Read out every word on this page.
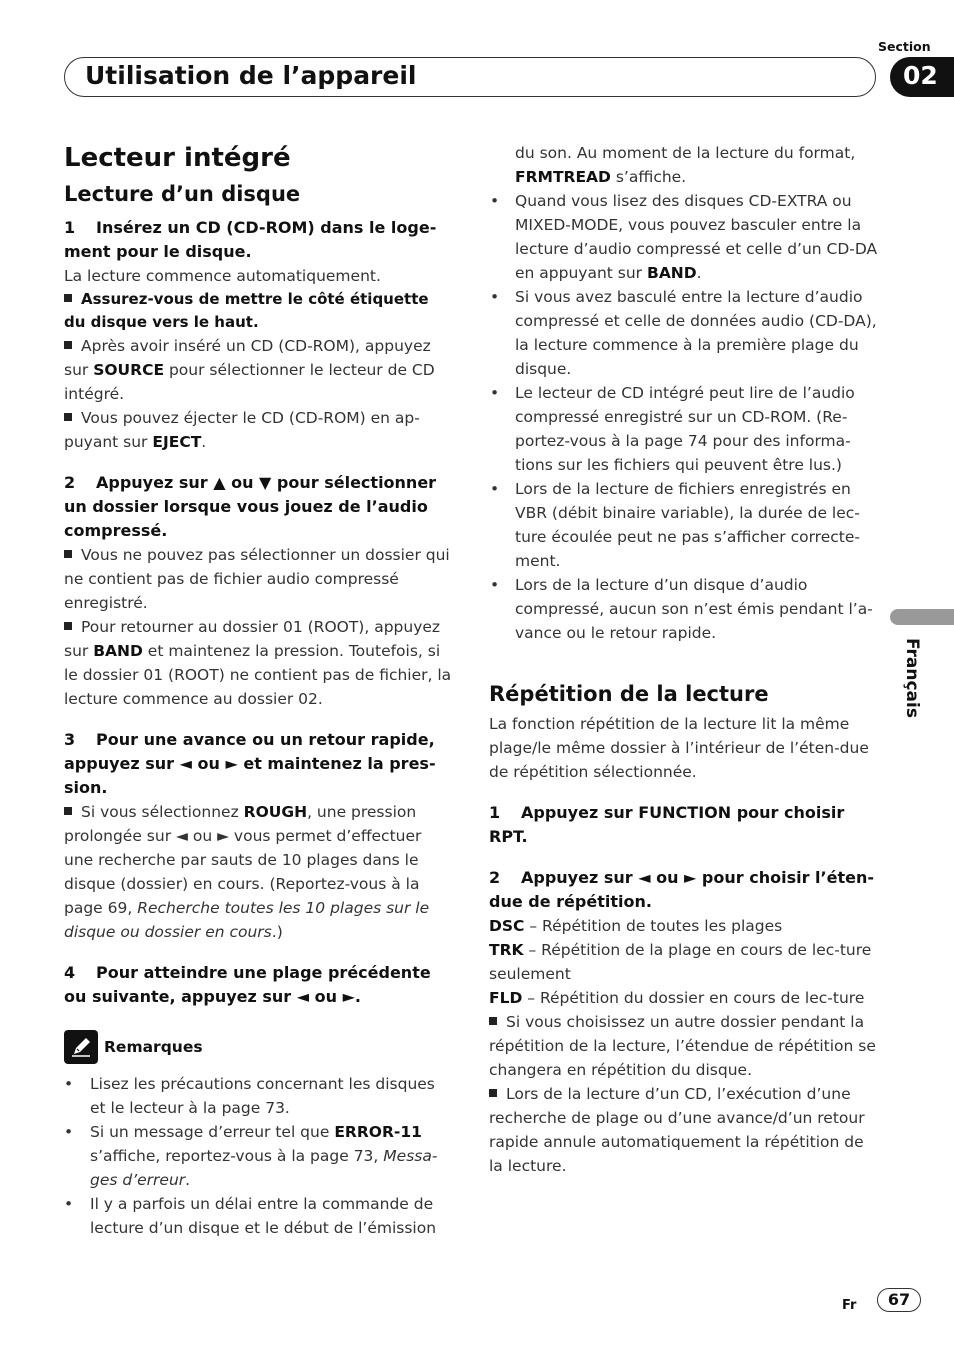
Section
Utilisation de l’appareil	02
Français
Lecteur intégré
Lecture d’un disque
1 Insérez un CD (CD-ROM) dans le loge-ment pour le disque.

La lecture commence automatiquement.

Assurez-vous de mettre le côté étiquette du disque vers le haut.

Après avoir inséré un CD (CD-ROM), appuyez sur SOURCE pour sélectionner le lecteur de CD intégré.

Vous pouvez éjecter le CD (CD-ROM) en ap-puyant sur EJECT.

2 Appuyez sur ▲ ou ▼ pour sélectionner un dossier lorsque vous jouez de l’audio compressé.

Vous ne pouvez pas sélectionner un dossier qui ne contient pas de fichier audio compressé enregistré.

Pour retourner au dossier 01 (ROOT), appuyez sur BAND et maintenez la pression. Toutefois, si le dossier 01 (ROOT) ne contient pas de fichier, la lecture commence au dossier 02.

3 Pour une avance ou un retour rapide, appuyez sur ◄ ou ► et maintenez la pres-sion.

Si vous sélectionnez ROUGH, une pression prolongée sur ◄ ou ► vous permet d’effectuer une recherche par sauts de 10 plages dans le disque (dossier) en cours. (Reportez-vous à la page 69, Recherche toutes les 10 plages sur le disque ou dossier en cours.)

4 Pour atteindre une plage précédente ou suivante, appuyez sur ◄ ou ►.
Remarques
• Lisez les précautions concernant les disques et le lecteur à la page 73.
• Si un message d’erreur tel que ERROR-11 s’affiche, reportez-vous à la page 73, Messa-ges d’erreur.
• Il y a parfois un délai entre la commande de lecture d’un disque et le début de l’émission
du son. Au moment de la lecture du format, FRMTREAD s’affiche.
• Quand vous lisez des disques CD-EXTRA ou MIXED-MODE, vous pouvez basculer entre la lecture d’audio compressé et celle d’un CD-DA en appuyant sur BAND.
• Si vous avez basculé entre la lecture d’audio compressé et celle de données audio (CD-DA), la lecture commence à la première plage du disque.
• Le lecteur de CD intégré peut lire de l’audio compressé enregistré sur un CD-ROM. (Re-portez-vous à la page 74 pour des informa-tions sur les fichiers qui peuvent être lus.)
• Lors de la lecture de fichiers enregistrés en VBR (débit binaire variable), la durée de lec-ture écoulée peut ne pas s’afficher correcte-ment.
• Lors de la lecture d’un disque d’audio compressé, aucun son n’est émis pendant l’a-vance ou le retour rapide.
Répétition de la lecture

La fonction répétition de la lecture lit la même plage/le même dossier à l’intérieur de l’éten-due de répétition sélectionnée.

1 Appuyez sur FUNCTION pour choisir RPT.
2 Appuyez sur ◄ ou ► pour choisir l’éten-due de répétition.

DSC – Répétition de toutes les plages

TRK – Répétition de la plage en cours de lec-ture seulement

FLD – Répétition du dossier en cours de lec-ture

Si vous choisissez un autre dossier pendant la répétition de la lecture, l’étendue de répétition se changera en répétition du disque.

Lors de la lecture d’un CD, l’exécution d’une recherche de plage ou d’une avance/d’un retour rapide annule automatiquement la répétition de la lecture.

Fr	67
